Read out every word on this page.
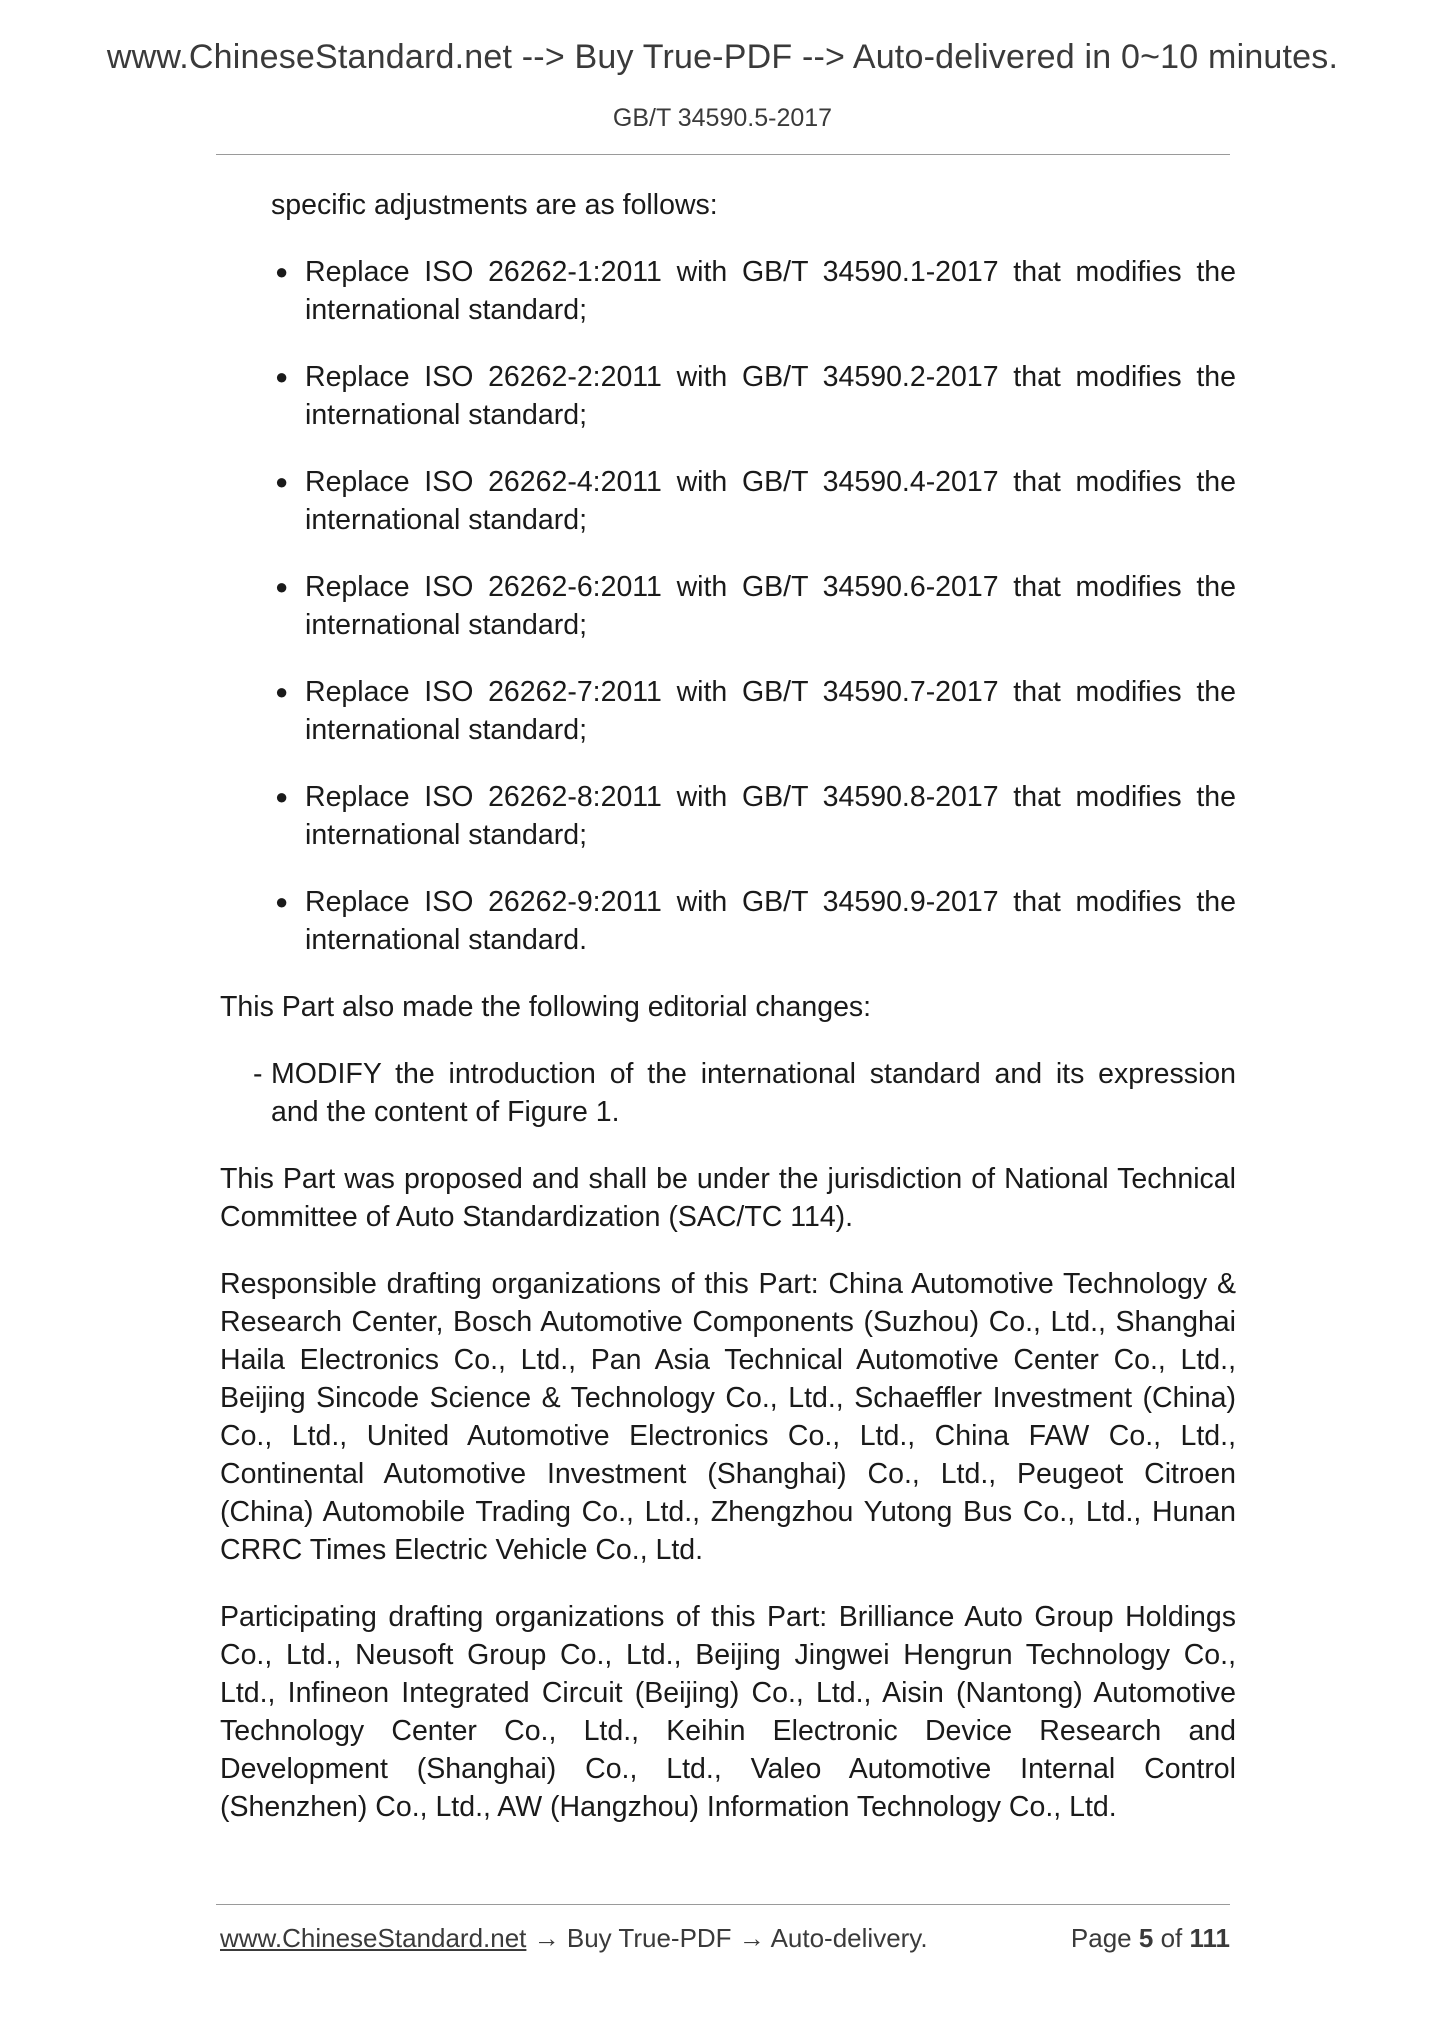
www.ChineseStandard.net --> Buy True-PDF --> Auto-delivered in 0~10 minutes.
GB/T 34590.5-2017

specific adjustments are as follows:

● Replace ISO 26262-1:2011 with GB/T 34590.1-2017 that modifies the international standard;
● Replace ISO 26262-2:2011 with GB/T 34590.2-2017 that modifies the international standard;
● Replace ISO 26262-4:2011 with GB/T 34590.4-2017 that modifies the international standard;
● Replace ISO 26262-6:2011 with GB/T 34590.6-2017 that modifies the international standard;
● Replace ISO 26262-7:2011 with GB/T 34590.7-2017 that modifies the international standard;
● Replace ISO 26262-8:2011 with GB/T 34590.8-2017 that modifies the international standard;
● Replace ISO 26262-9:2011 with GB/T 34590.9-2017 that modifies the international standard.

This Part also made the following editorial changes:

- MODIFY the introduction of the international standard and its expression and the content of Figure 1.

This Part was proposed and shall be under the jurisdiction of National Technical Committee of Auto Standardization (SAC/TC 114).

Responsible drafting organizations of this Part: China Automotive Technology & Research Center, Bosch Automotive Components (Suzhou) Co., Ltd., Shanghai Haila Electronics Co., Ltd., Pan Asia Technical Automotive Center Co., Ltd., Beijing Sincode Science & Technology Co., Ltd., Schaeffler Investment (China) Co., Ltd., United Automotive Electronics Co., Ltd., China FAW Co., Ltd., Continental Automotive Investment (Shanghai) Co., Ltd., Peugeot Citroen (China) Automobile Trading Co., Ltd., Zhengzhou Yutong Bus Co., Ltd., Hunan CRRC Times Electric Vehicle Co., Ltd.

Participating drafting organizations of this Part: Brilliance Auto Group Holdings Co., Ltd., Neusoft Group Co., Ltd., Beijing Jingwei Hengrun Technology Co., Ltd., Infineon Integrated Circuit (Beijing) Co., Ltd., Aisin (Nantong) Automotive Technology Center Co., Ltd., Keihin Electronic Device Research and Development (Shanghai) Co., Ltd., Valeo Automotive Internal Control (Shenzhen) Co., Ltd., AW (Hangzhou) Information Technology Co., Ltd.

www.ChineseStandard.net → Buy True-PDF → Auto-delivery.	Page 5 of 111
